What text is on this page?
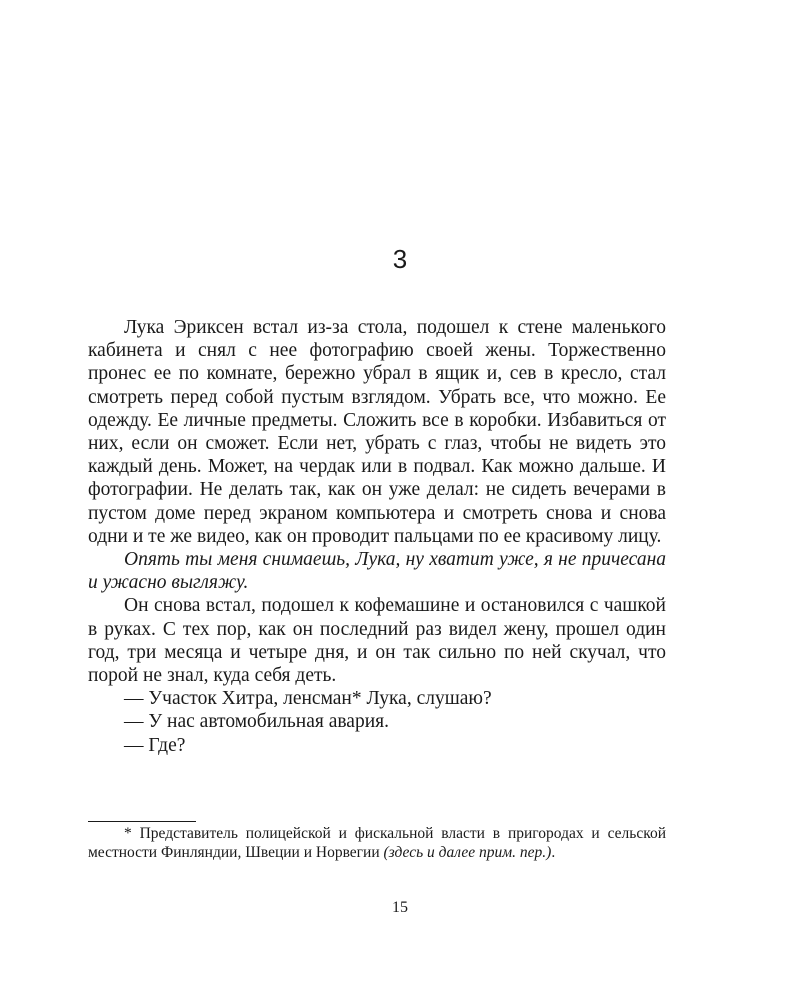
3

Лука Эриксен встал из-за стола, подошел к стене маленького кабинета и снял с нее фотографию своей жены. Торжественно пронес ее по комнате, бережно убрал в ящик и, сев в кресло, стал смотреть перед собой пустым взглядом. Убрать все, что можно. Ее одежду. Ее личные предметы. Сложить все в коробки. Избавиться от них, если он сможет. Если нет, убрать с глаз, чтобы не видеть это каждый день. Может, на чердак или в подвал. Как можно дальше. И фотографии. Не делать так, как он уже делал: не сидеть вечерами в пустом доме перед экраном компьютера и смотреть снова и снова одни и те же видео, как он проводит пальцами по ее красивому лицу.

Опять ты меня снимаешь, Лука, ну хватит уже, я не причесана и ужасно выгляжу.

Он снова встал, подошел к кофемашине и остановился с чашкой в руках. С тех пор, как он последний раз видел жену, прошел один год, три месяца и четыре дня, и он так сильно по ней скучал, что порой не знал, куда себя деть.

— Участок Хитра, ленсман* Лука, слушаю?

— У нас автомобильная авария.

— Где?

* Представитель полицейской и фискальной власти в пригородах и сельской местности Финляндии, Швеции и Норвегии (здесь и далее прим. пер.).

15
